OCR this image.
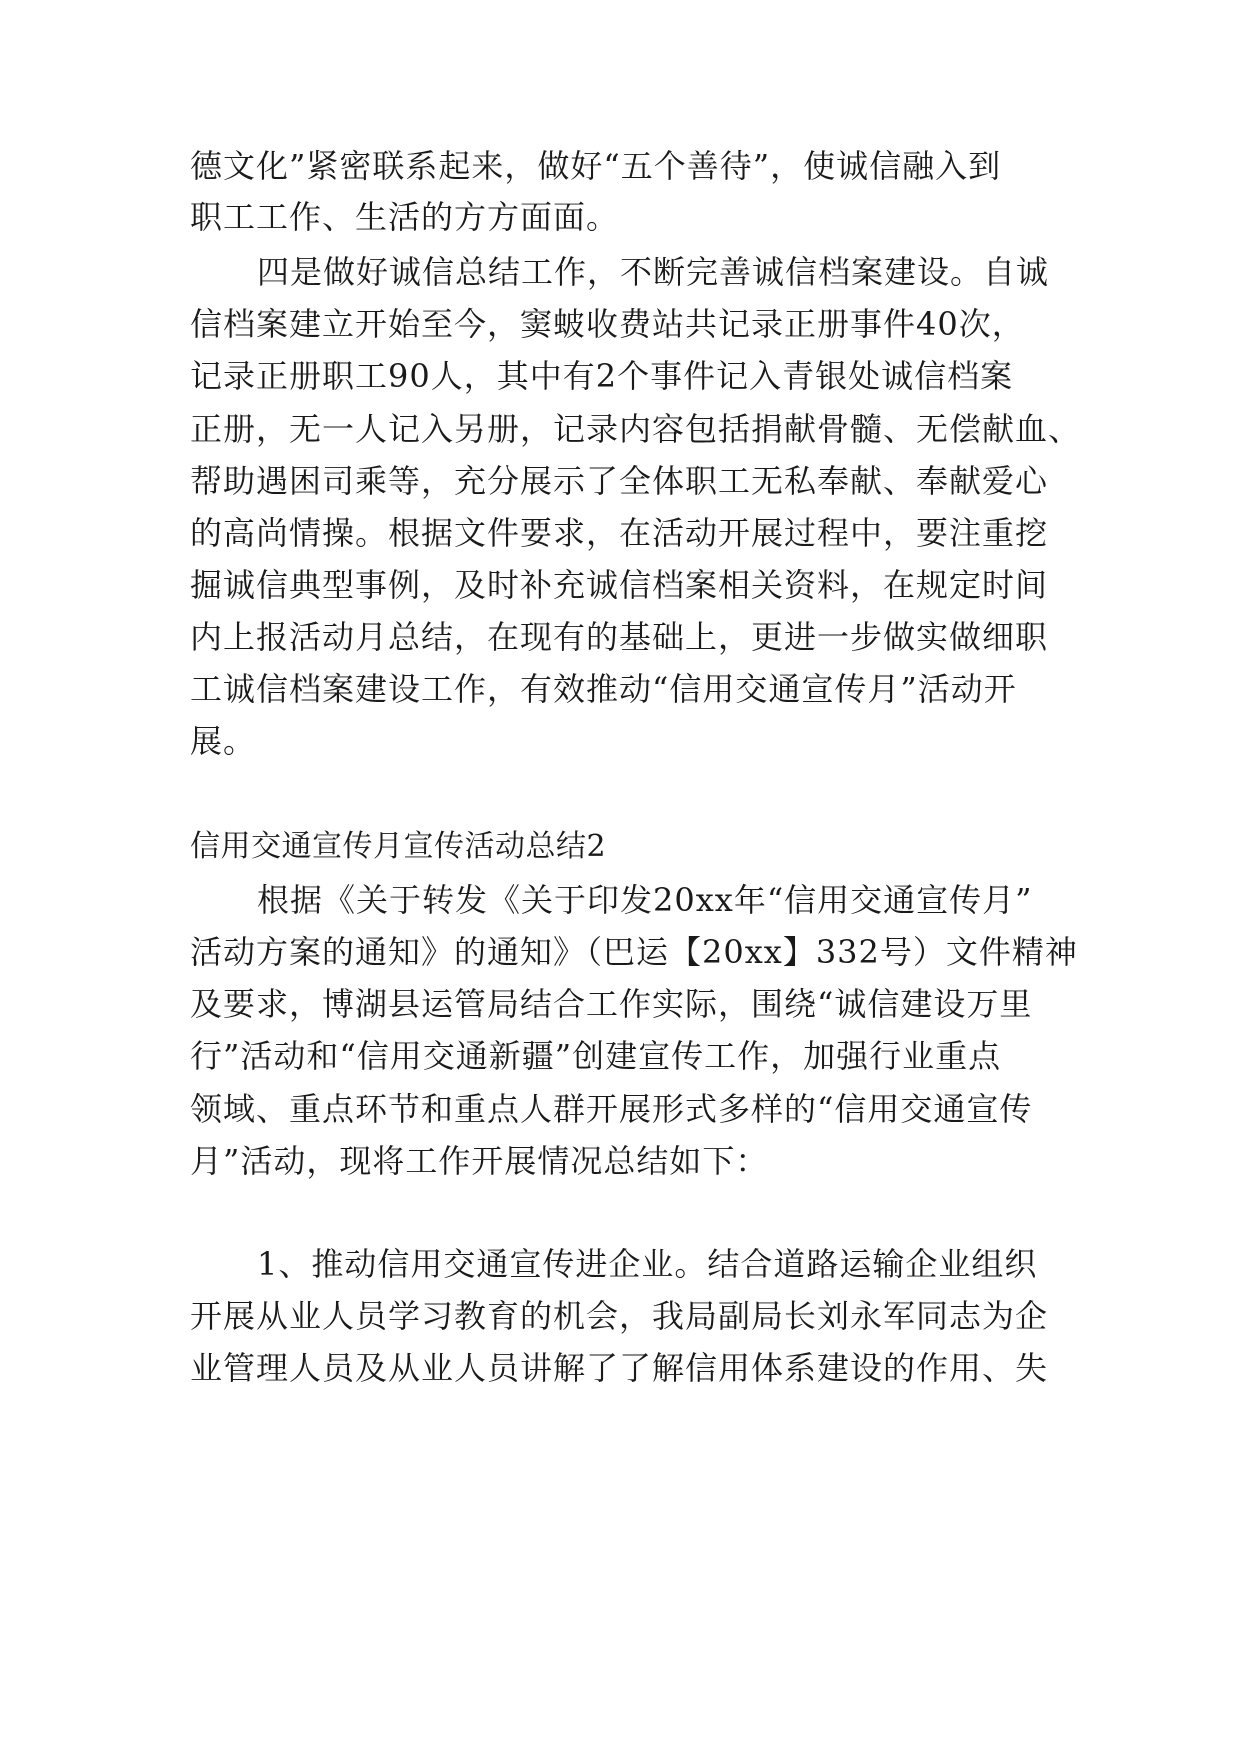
德文化”紧密联系起来，做好“五个善待”，使诚信融入到
职工工作、生活的方方面面。
四是做好诚信总结工作，不断完善诚信档案建设。自诚
信档案建立开始至今，窦蚾收费站共记录正册事件40次，
记录正册职工90人，其中有2个事件记入青银处诚信档案
正册，无一人记入另册，记录内容包括捐献骨髓、无偿献血、
帮助遇困司乘等，充分展示了全体职工无私奉献、奉献爱心
的高尚情操。根据文件要求，在活动开展过程中，要注重挖
掘诚信典型事例，及时补充诚信档案相关资料，在规定时间
内上报活动月总结，在现有的基础上，更进一步做实做细职
工诚信档案建设工作，有效推动“信用交通宣传月”活动开
展。
信用交通宣传月宣传活动总结2
根据《关于转发《关于印发20xx年“信用交通宣传月”
活动方案的通知》的通知》（巴运【20xx】332号）文件精神
及要求，博湖县运管局结合工作实际，围绕“诚信建设万里
行”活动和“信用交通新疆”创建宣传工作，加强行业重点
领域、重点环节和重点人群开展形式多样的“信用交通宣传
月”活动，现将工作开展情况总结如下：
1、推动信用交通宣传进企业。结合道路运输企业组织
开展从业人员学习教育的机会，我局副局长刘永军同志为企
业管理人员及从业人员讲解了了解信用体系建设的作用、失
